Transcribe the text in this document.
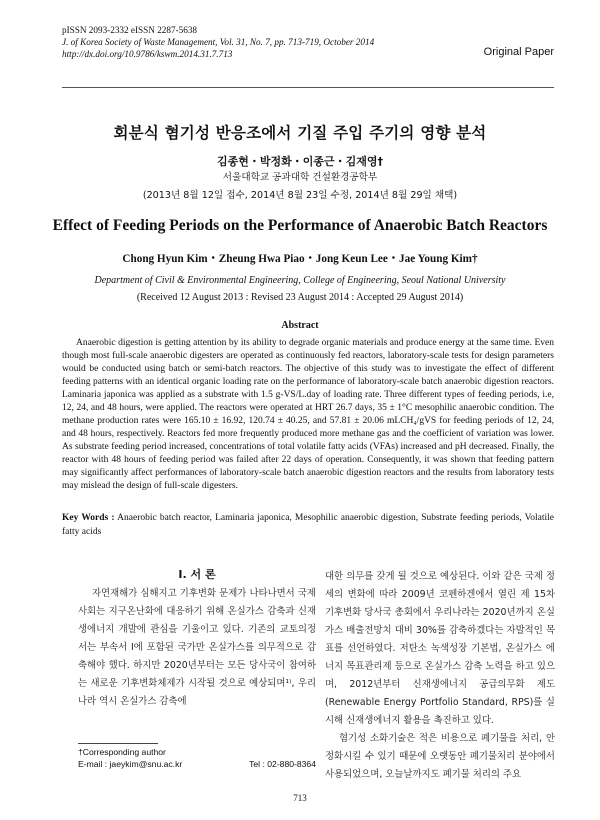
pISSN 2093-2332 eISSN 2287-5638
J. of Korea Society of Waste Management, Vol. 31, No. 7, pp. 713-719, October 2014
http://dx.doi.org/10.9786/kswm.2014.31.7.713	Original Paper
회분식 혐기성 반응조에서 기질 주입 주기의 영향 분석
김종현・박정화・이종근・김재영†
서울대학교 공과대학 건설환경공학부
(2013년 8월 12일 접수, 2014년 8월 23일 수정, 2014년 8월 29일 채택)
Effect of Feeding Periods on the Performance of Anaerobic Batch Reactors
Chong Hyun Kim・Zheung Hwa Piao・Jong Keun Lee・Jae Young Kim†
Department of Civil & Environmental Engineering, College of Engineering, Seoul National University
(Received 12 August 2013 : Revised 23 August 2014 : Accepted 29 August 2014)
Abstract

Anaerobic digestion is getting attention by its ability to degrade organic materials and produce energy at the same time. Even though most full-scale anaerobic digesters are operated as continuously fed reactors, laboratory-scale tests for design parameters would be conducted using batch or semi-batch reactors. The objective of this study was to investigate the effect of different feeding patterns with an identical organic loading rate on the performance of laboratory-scale batch anaerobic digestion reactors. Laminaria japonica was applied as a substrate with 1.5 g-VS/L.day of loading rate. Three different types of feeding periods, i.e, 12, 24, and 48 hours, were applied. The reactors were operated at HRT 26.7 days, 35 ± 1°C mesophilic anaerobic condition. The methane production rates were 165.10 ± 16.92, 120.74 ± 40.25, and 57.81 ± 20.06 mLCH₄/gVS for feeding periods of 12, 24, and 48 hours, respectively. Reactors fed more frequently produced more methane gas and the coefficient of variation was lower. As substrate feeding period increased, concentrations of total volatile fatty acids (VFAs) increased and pH decreased. Finally, the reactor with 48 hours of feeding period was failed after 22 days of operation. Consequently, it was shown that feeding pattern may significantly affect performances of laboratory-scale batch anaerobic digestion reactors and the results from laboratory tests may mislead the design of full-scale digesters.

Key Words : Anaerobic batch reactor, Laminaria japonica, Mesophilic anaerobic digestion, Substrate feeding periods, Volatile fatty acids
I. 서 론

자연재해가 심해지고 기후변화 문제가 나타나면서 국제사회는 지구온난화에 대응하기 위해 온실가스 감축과 신재생에너지 개발에 관심을 기울이고 있다. 기존의 교토의정서는 부속서 I에 포함된 국가만 온실가스를 의무적으로 감축해야 했다. 하지만 2020년부터는 모든 당사국이 참여하는 새로운 기후변화체제가 시작될 것으로 예상되며¹⁾, 우리나라 역시 온실가스 감축에

대한 의무를 갖게 될 것으로 예상된다. 이와 같은 국제 정세의 변화에 따라 2009년 코펜하겐에서 열린 제 15차 기후변화 당사국 총회에서 우리나라는 2020년까지 온실가스 배출전망치 대비 30%를 감축하겠다는 자발적인 목표를 선언하였다. 저탄소 녹색성장 기본법, 온실가스 에너지 목표관리제 등으로 온실가스 감축 노력을 하고 있으며, 2012년부터 신재생에너지 공급의무화 제도(Renewable Energy Portfolio Standard, RPS)를 실시해 신재생에너지 활용을 촉진하고 있다.

혐기성 소화기술은 적은 비용으로 폐기물을 처리, 안정화시킬 수 있기 때문에 오랫동안 폐기물처리 분야에서 사용되었으며, 오늘날까지도 폐기물 처리의 주요

†Corresponding author
E-mail : jaeykim@snu.ac.kr	Tel : 02-880-8364
713
